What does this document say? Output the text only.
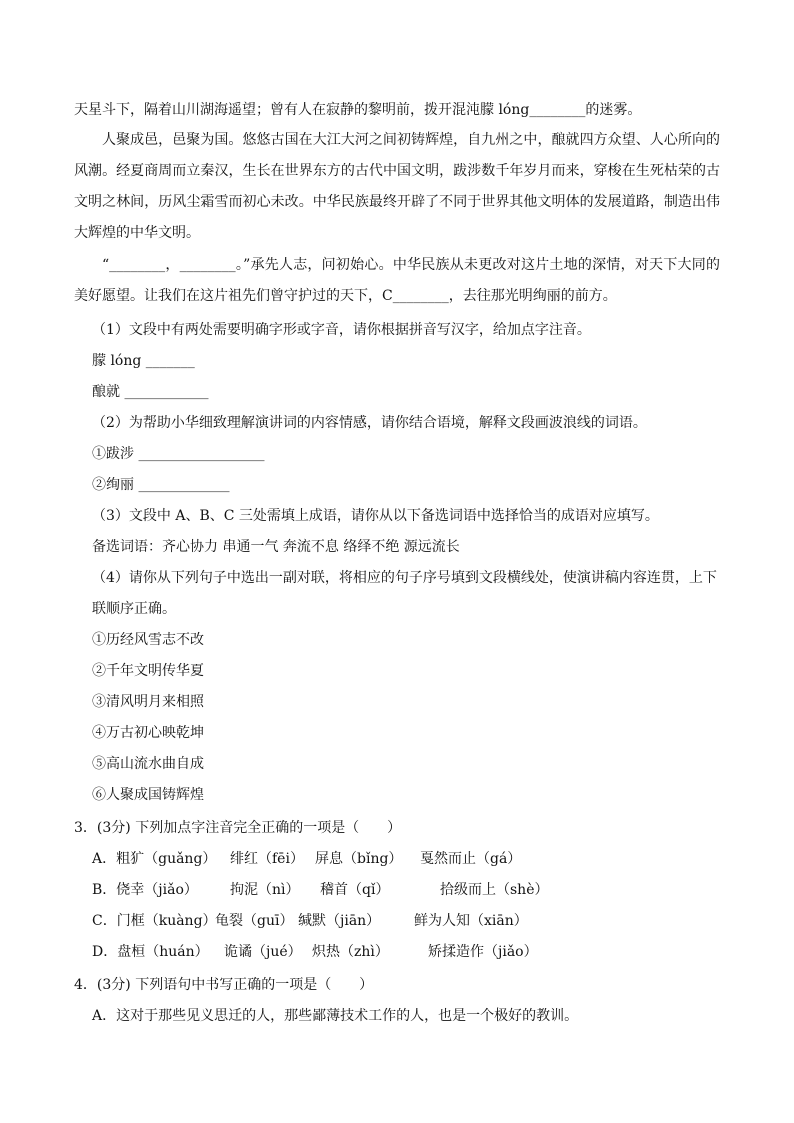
天星斗下，隔着山川湖海遥望；曾有人在寂静的黎明前，拨开混沌朦 lóng________的迷雾。
人聚成邑，邑聚为国。悠悠古国在大江大河之间初铸辉煌，自九州之中，酿就四方众望、人心所向的风潮。经夏商周而立秦汉，生长在世界东方的古代中国文明，跋涉数千年岁月而来，穿梭在生死枯荣的古文明之林间，历风尘霜雪而初心未改。中华民族最终开辟了不同于世界其他文明体的发展道路，制造出伟大辉煌的中华文明。
“________，________。”承先人志，问初始心。中华民族从未更改对这片土地的深情，对天下大同的美好愿望。让我们在这片祖先们曾守护过的天下，C________，去往那光明绚丽的前方。
（1）文段中有两处需要明确字形或字音，请你根据拼音写汉字，给加点字注音。
朦 lóng _______
酿就 ____________
（2）为帮助小华细致理解演讲词的内容情感，请你结合语境，解释文段画波浪线的词语。
①跋涉 __________________
②绚丽 _____________
（3）文段中 A、B、C 三处需填上成语，请你从以下备选词语中选择恰当的成语对应填写。
备选词语：齐心协力 串通一气 奔流不息 络绎不绝 源远流长
（4）请你从下列句子中选出一副对联，将相应的句子序号填到文段横线处，使演讲稿内容连贯，上下
联顺序正确。
①历经风雪志不改
②千年文明传华夏
③清风明月来相照
④万古初心映乾坤
⑤高山流水曲自成
⑥人聚成国铸辉煌
3．(3分) 下列加点字注音完全正确的一项是（　　）
A．粗犷（guǎng） 绯红（fēi） 屏息（bǐng） 戛然而止（gá）
B．侥幸（jiǎo） 拘泥（nì） 稽首（qǐ）	拾级而上（shè）
C．门框（kuàng）
龟裂（guī） 缄默（jiān） 鲜为人知（xiān）
D．盘桓（huán） 诡谲（jué） 炽热（zhì）	矫揉造作（jiǎo）
4．(3分) 下列语句中书写正确的一项是（　　）
A．这对于那些见义思迁的人，那些鄙薄技术工作的人，也是一个极好的教训。
